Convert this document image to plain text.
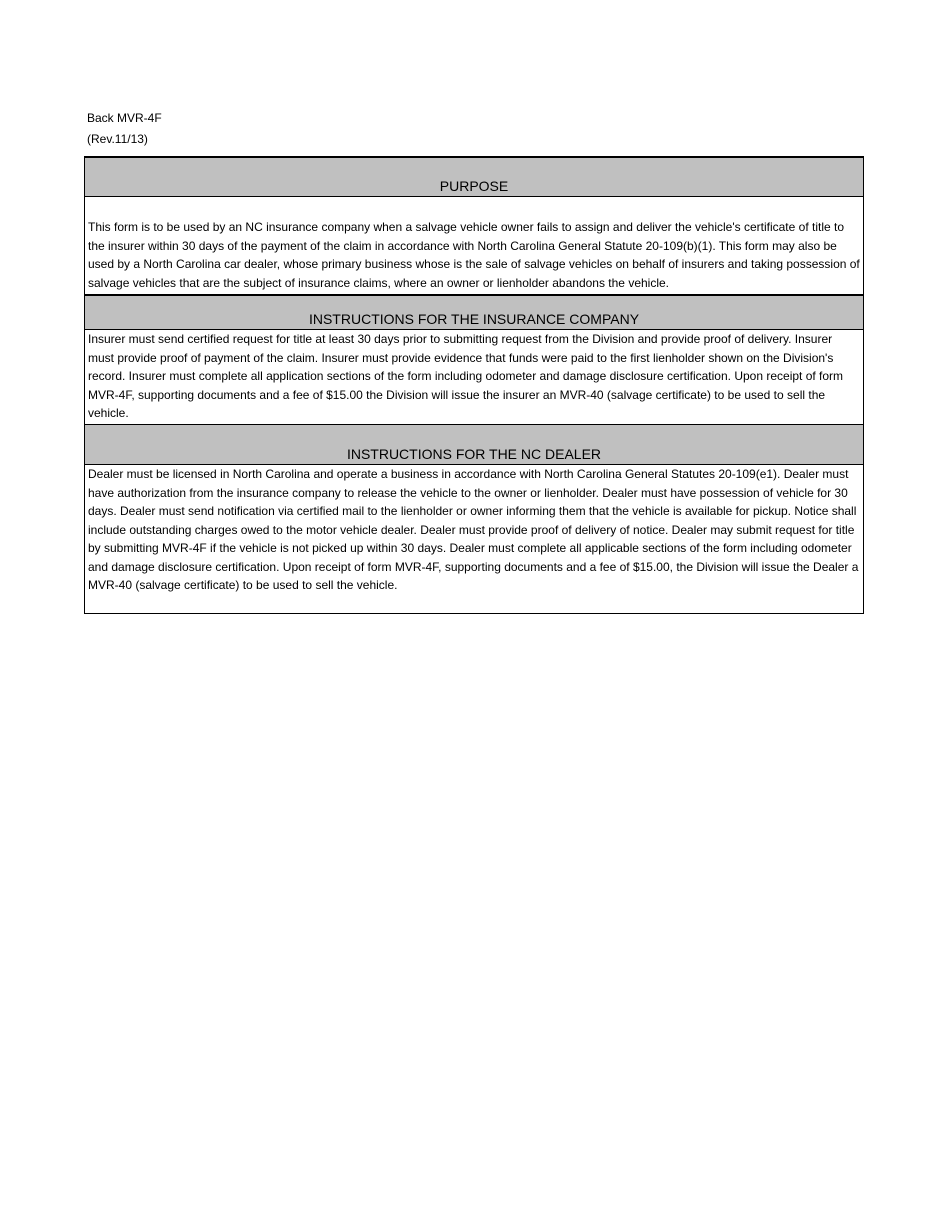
Back MVR-4F
(Rev.11/13)
PURPOSE
This form is to be used by an NC insurance company when a salvage vehicle owner fails to assign and deliver the vehicle's certificate of title to the insurer within 30 days of the payment of the claim in accordance with North Carolina General Statute 20-109(b)(1). This form may also be used by a North Carolina car dealer, whose primary business whose is the sale of salvage vehicles on behalf of insurers and taking possession of salvage vehicles that are the subject of insurance claims, where an owner or lienholder abandons the vehicle.
INSTRUCTIONS FOR THE INSURANCE COMPANY
Insurer must send certified request for title at least 30 days prior to submitting request from the Division and provide proof of delivery. Insurer must provide proof of payment of the claim. Insurer must provide evidence that funds were paid to the first lienholder shown on the Division's record. Insurer must complete all application sections of the form including odometer and damage disclosure certification. Upon receipt of form MVR-4F, supporting documents and a fee of $15.00 the Division will issue the insurer an MVR-40 (salvage certificate) to be used to sell the vehicle.
INSTRUCTIONS FOR THE NC DEALER
Dealer must be licensed in North Carolina and operate a business in accordance with North Carolina General Statutes 20-109(e1). Dealer must have authorization from the insurance company to release the vehicle to the owner or lienholder. Dealer must have possession of vehicle for 30 days. Dealer must send notification via certified mail to the lienholder or owner informing them that the vehicle is available for pickup. Notice shall include outstanding charges owed to the motor vehicle dealer. Dealer must provide proof of delivery of notice. Dealer may submit request for title by submitting MVR-4F if the vehicle is not picked up within 30 days. Dealer must complete all applicable sections of the form including odometer and damage disclosure certification. Upon receipt of form MVR-4F, supporting documents and a fee of $15.00, the Division will issue the Dealer a MVR-40 (salvage certificate) to be used to sell the vehicle.
